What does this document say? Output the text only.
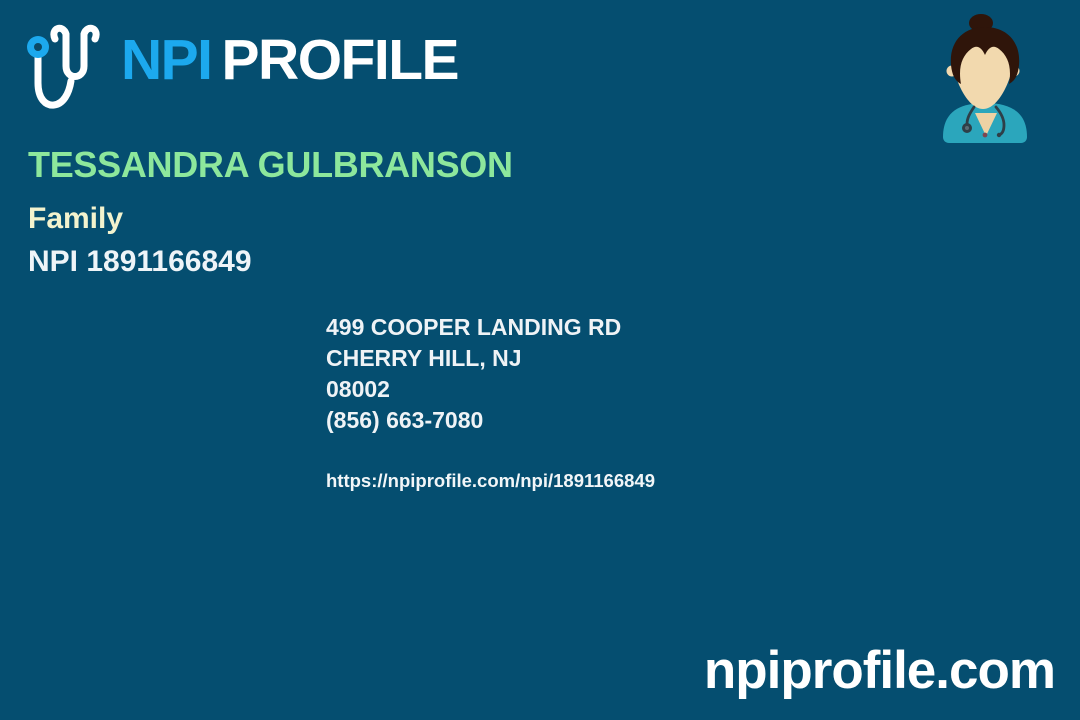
NPI PROFILE
TESSANDRA GULBRANSON
Family
NPI 1891166849
499 COOPER LANDING RD
CHERRY HILL, NJ
08002
(856) 663-7080
https://npiprofile.com/npi/1891166849
npiprofile.com
